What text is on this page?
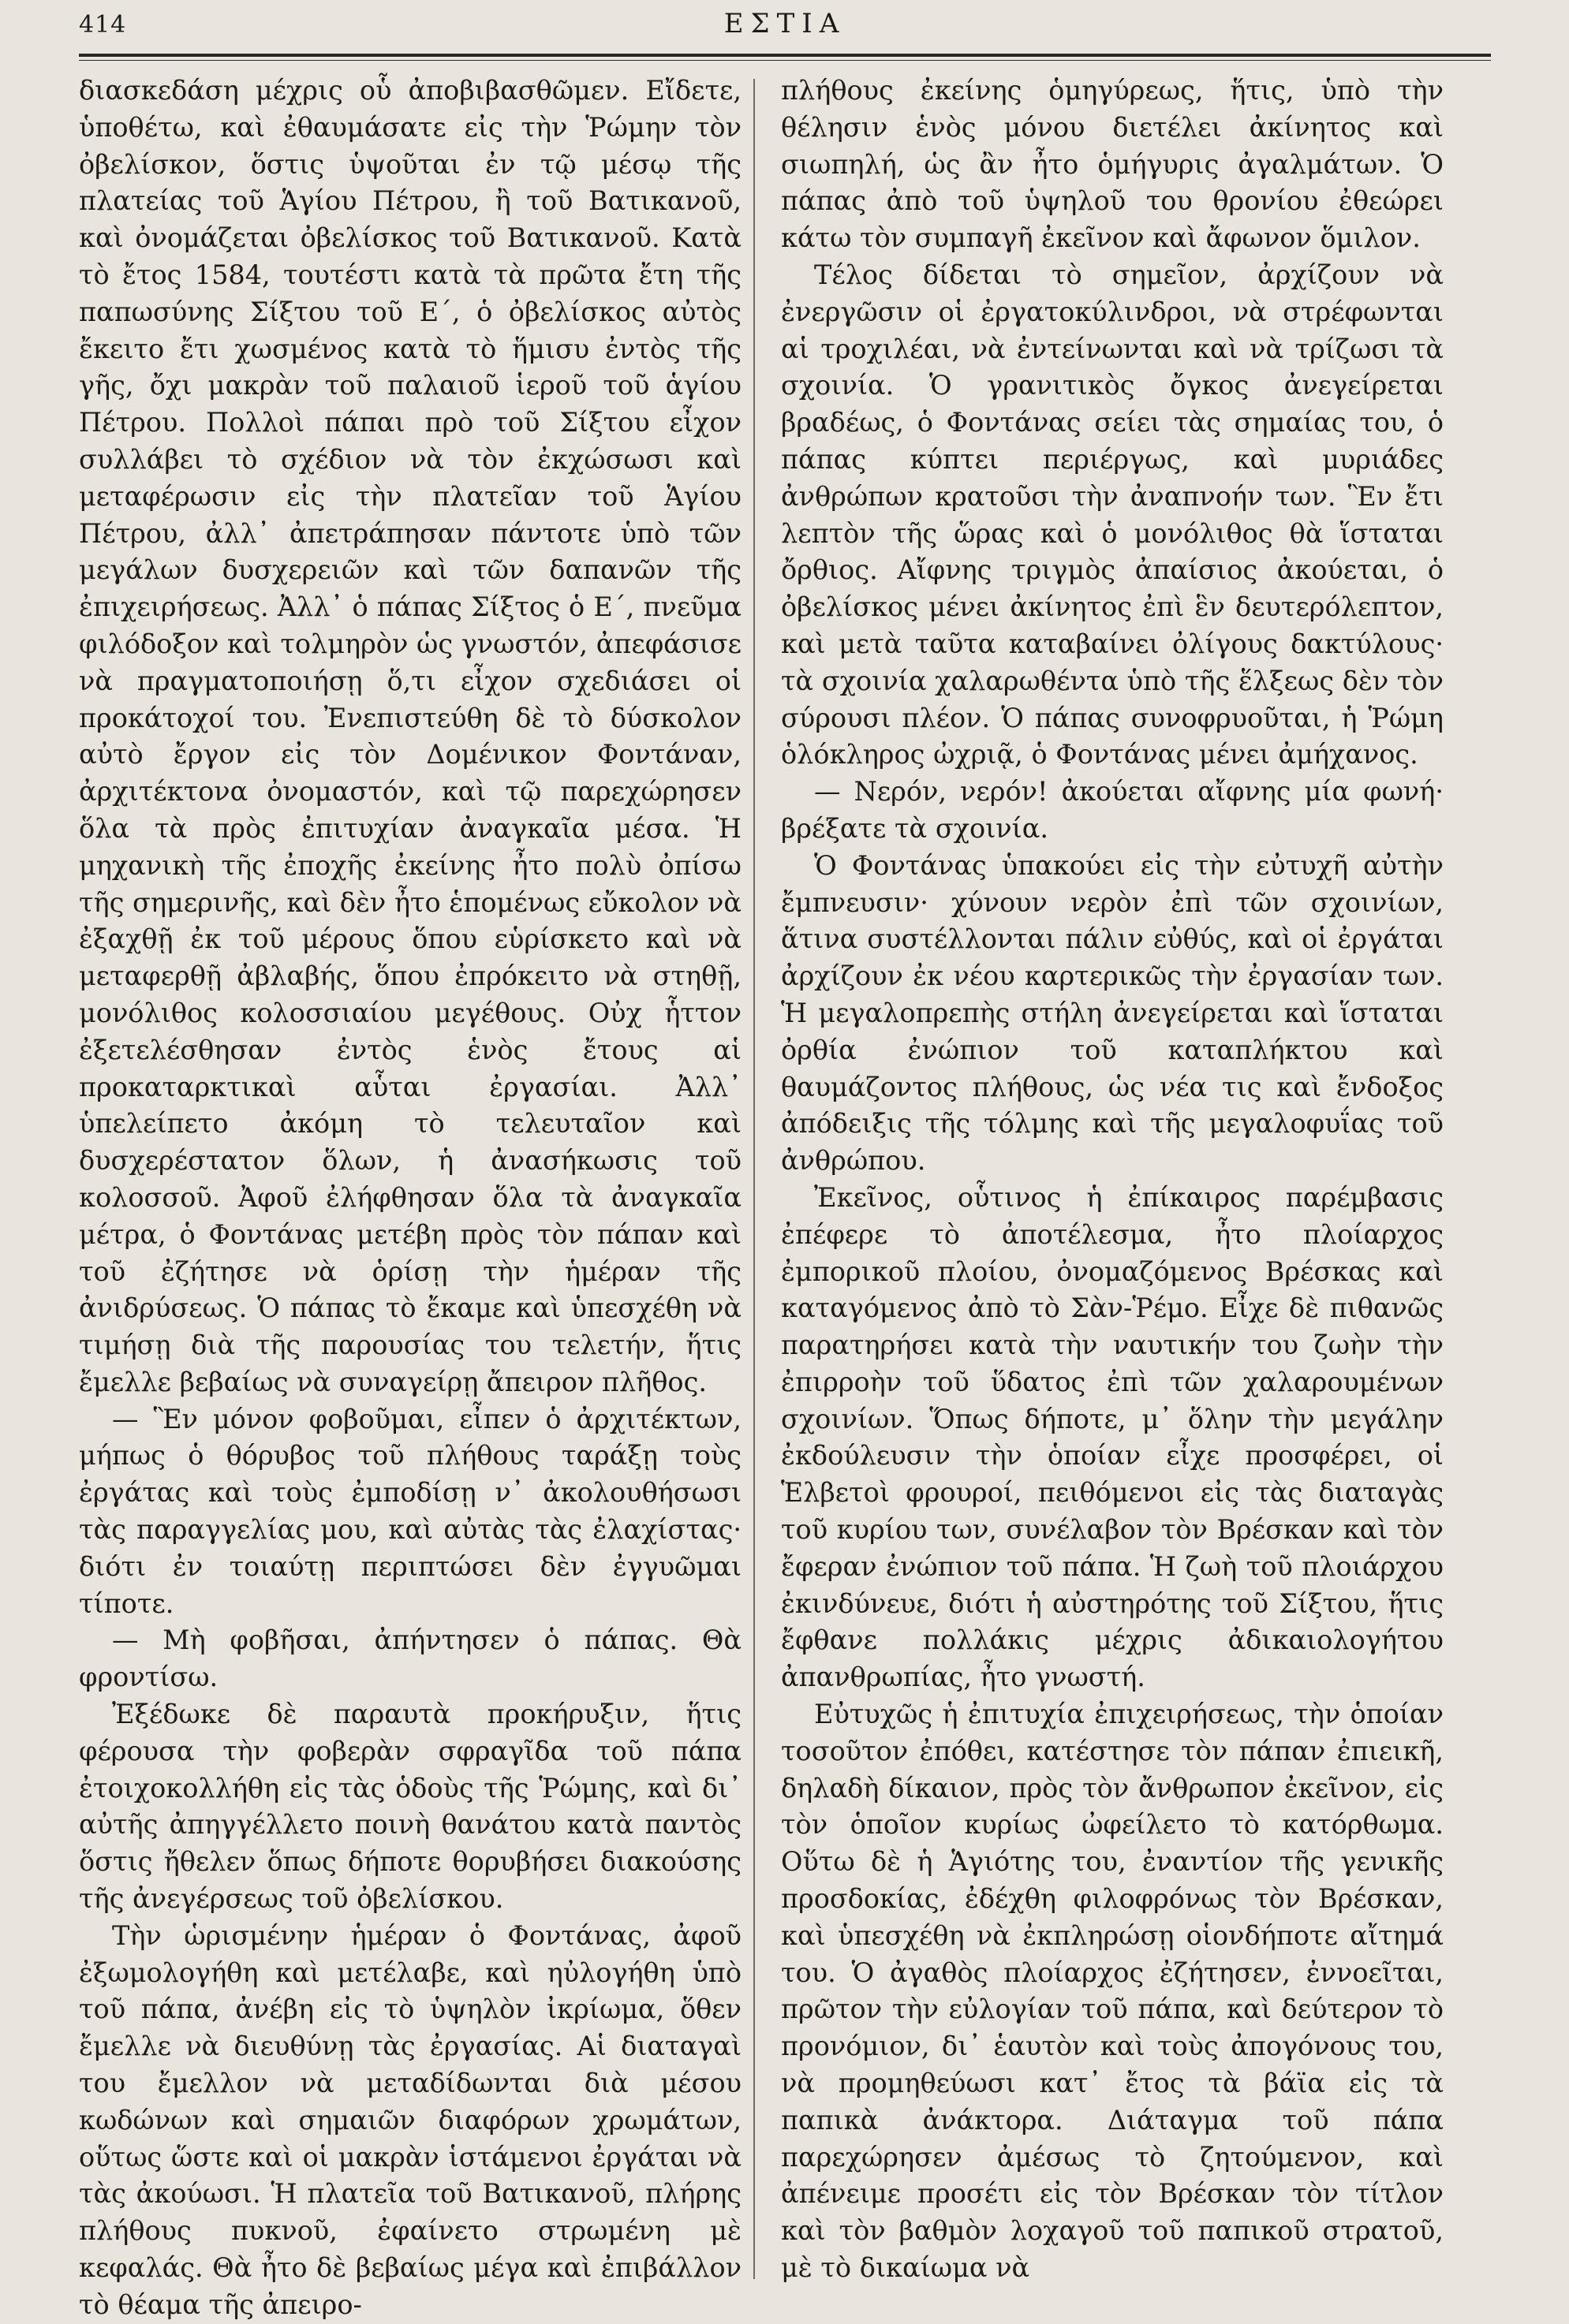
414	ΕΣΤΙΑ

διασκεδάση μέχρις οὗ ἀποβιβασθῶμεν. Εἴδετε, ὑποθέτω, καὶ ἐθαυμάσατε εἰς τὴν Ῥώμην τὸν ὀβελίσκον, ὅστις ὑψοῦται ἐν τῷ μέσῳ τῆς πλατείας τοῦ Ἁγίου Πέτρου, ἢ τοῦ Βατικανοῦ, καὶ ὀνομάζεται ὀβελίσκος τοῦ Βατικανοῦ. Κατὰ τὸ ἔτος 1584, τουτέστι κατὰ τὰ πρῶτα ἔτη τῆς παπωσύνης Σίξτου τοῦ Ε΄, ὁ ὀβελίσκος αὐτὸς ἔκειτο ἔτι χωσμένος κατὰ τὸ ἥμισυ ἐντὸς τῆς γῆς, ὄχι μακρὰν τοῦ παλαιοῦ ἱεροῦ τοῦ ἁγίου Πέτρου. Πολλοὶ πάπαι πρὸ τοῦ Σίξτου εἶχον συλλάβει τὸ σχέδιον νὰ τὸν ἐκχώσωσι καὶ μεταφέρωσιν εἰς τὴν πλατεῖαν τοῦ Ἁγίου Πέτρου, ἀλλ᾽ ἀπετράπησαν πάντοτε ὑπὸ τῶν μεγάλων δυσχερειῶν καὶ τῶν δαπανῶν τῆς ἐπιχειρήσεως. Ἀλλ᾽ ὁ πάπας Σίξτος ὁ Ε΄, πνεῦμα φιλόδοξον καὶ τολμηρὸν ὡς γνωστόν, ἀπεφάσισε νὰ πραγματοποιήσῃ ὅ,τι εἶχον σχεδιάσει οἱ προκάτοχοί του. Ἐνεπιστεύθη δὲ τὸ δύσκολον αὐτὸ ἔργον εἰς τὸν Δομένικον Φοντάναν, ἀρχιτέκτονα ὀνομαστόν, καὶ τῷ παρεχώρησεν ὅλα τὰ πρὸς ἐπιτυχίαν ἀναγκαῖα μέσα. Ἡ μηχανικὴ τῆς ἐποχῆς ἐκείνης ἦτο πολὺ ὀπίσω τῆς σημερινῆς, καὶ δὲν ἦτο ἑπομένως εὔκολον νὰ ἐξαχθῇ ἐκ τοῦ μέρους ὅπου εὑρίσκετο καὶ νὰ μεταφερθῇ ἀβλαβής, ὅπου ἐπρόκειτο νὰ στηθῇ, μονόλιθος κολοσσιαίου μεγέθους. Οὐχ ἧττον ἐξετελέσθησαν ἐντὸς ἑνὸς ἔτους αἱ προκαταρκτικαὶ αὗται ἐργασίαι. Ἀλλ᾽ ὑπελείπετο ἀκόμη τὸ τελευταῖον καὶ δυσχερέστατον ὅλων, ἡ ἀνασήκωσις τοῦ κολοσσοῦ. Ἀφοῦ ἐλήφθησαν ὅλα τὰ ἀναγκαῖα μέτρα, ὁ Φοντάνας μετέβη πρὸς τὸν πάπαν καὶ τοῦ ἐζήτησε νὰ ὁρίσῃ τὴν ἡμέραν τῆς ἀνιδρύσεως. Ὁ πάπας τὸ ἔκαμε καὶ ὑπεσχέθη νὰ τιμήσῃ διὰ τῆς παρουσίας του τελετήν, ἥτις ἔμελλε βεβαίως νὰ συναγείρῃ ἄπειρον πλῆθος.

— Ἓν μόνον φοβοῦμαι, εἶπεν ὁ ἀρχιτέκτων, μήπως ὁ θόρυβος τοῦ πλήθους ταράξῃ τοὺς ἐργάτας καὶ τοὺς ἐμποδίσῃ ν᾽ ἀκολουθήσωσι τὰς παραγγελίας μου, καὶ αὐτὰς τὰς ἐλαχίστας· διότι ἐν τοιαύτῃ περιπτώσει δὲν ἐγγυῶμαι τίποτε.

— Μὴ φοβῆσαι, ἀπήντησεν ὁ πάπας. Θὰ φροντίσω.

Ἐξέδωκε δὲ παραυτὰ προκήρυξιν, ἥτις φέρουσα τὴν φοβερὰν σφραγῖδα τοῦ πάπα ἐτοιχοκολλήθη εἰς τὰς ὁδοὺς τῆς Ῥώμης, καὶ δι᾽ αὐτῆς ἀπηγγέλλετο ποινὴ θανάτου κατὰ παντὸς ὅστις ἤθελεν ὅπως δήποτε θορυβήσει διακούσης τῆς ἀνεγέρσεως τοῦ ὀβελίσκου.

Τὴν ὡρισμένην ἡμέραν ὁ Φοντάνας, ἀφοῦ ἐξωμολογήθη καὶ μετέλαβε, καὶ ηὐλογήθη ὑπὸ τοῦ πάπα, ἀνέβη εἰς τὸ ὑψηλὸν ἰκρίωμα, ὅθεν ἔμελλε νὰ διευθύνῃ τὰς ἐργασίας. Αἱ διαταγαὶ του ἔμελλον νὰ μεταδίδωνται διὰ μέσου κωδώνων καὶ σημαιῶν διαφόρων χρωμάτων, οὕτως ὥστε καὶ οἱ μακρὰν ἱστάμενοι ἐργάται νὰ τὰς ἀκούωσι. Ἡ πλατεῖα τοῦ Βατικανοῦ, πλήρης πλήθους πυκνοῦ, ἐφαίνετο στρωμένη μὲ κεφαλάς. Θὰ ἦτο δὲ βεβαίως μέγα καὶ ἐπιβάλλον τὸ θέαμα τῆς ἀπειρο-

πλήθους ἐκείνης ὁμηγύρεως, ἥτις, ὑπὸ τὴν θέλησιν ἑνὸς μόνου διετέλει ἀκίνητος καὶ σιωπηλή, ὡς ἂν ἦτο ὁμήγυρις ἀγαλμάτων. Ὁ πάπας ἀπὸ τοῦ ὑψηλοῦ του θρονίου ἐθεώρει κάτω τὸν συμπαγῆ ἐκεῖνον καὶ ἄφωνον ὅμιλον.

Τέλος δίδεται τὸ σημεῖον, ἀρχίζουν νὰ ἐνεργῶσιν οἱ ἐργατοκύλινδροι, νὰ στρέφωνται αἱ τροχιλέαι, νὰ ἐντείνωνται καὶ νὰ τρίζωσι τὰ σχοινία. Ὁ γρανιτικὸς ὄγκος ἀνεγείρεται βραδέως, ὁ Φοντάνας σείει τὰς σημαίας του, ὁ πάπας κύπτει περιέργως, καὶ μυριάδες ἀνθρώπων κρατοῦσι τὴν ἀναπνοήν των. Ἓν ἔτι λεπτὸν τῆς ὥρας καὶ ὁ μονόλιθος θὰ ἵσταται ὄρθιος. Αἴφνης τριγμὸς ἀπαίσιος ἀκούεται, ὁ ὀβελίσκος μένει ἀκίνητος ἐπὶ ἓν δευτερόλεπτον, καὶ μετὰ ταῦτα καταβαίνει ὀλίγους δακτύλους· τὰ σχοινία χαλαρωθέντα ὑπὸ τῆς ἕλξεως δὲν τὸν σύρουσι πλέον. Ὁ πάπας συνοφρυοῦται, ἡ Ῥώμη ὁλόκληρος ὠχριᾷ, ὁ Φοντάνας μένει ἀμήχανος.

— Νερόν, νερόν! ἀκούεται αἴφνης μία φωνή· βρέξατε τὰ σχοινία.

Ὁ Φοντάνας ὑπακούει εἰς τὴν εὐτυχῆ αὐτὴν ἔμπνευσιν· χύνουν νερὸν ἐπὶ τῶν σχοινίων, ἅτινα συστέλλονται πάλιν εὐθύς, καὶ οἱ ἐργάται ἀρχίζουν ἐκ νέου καρτερικῶς τὴν ἐργασίαν των. Ἡ μεγαλοπρεπὴς στήλη ἀνεγείρεται καὶ ἵσταται ὀρθία ἐνώπιον τοῦ καταπλήκτου καὶ θαυμάζοντος πλήθους, ὡς νέα τις καὶ ἔνδοξος ἀπόδειξις τῆς τόλμης καὶ τῆς μεγαλοφυΐας τοῦ ἀνθρώπου.

Ἐκεῖνος, οὗτινος ἡ ἐπίκαιρος παρέμβασις ἐπέφερε τὸ ἀποτέλεσμα, ἦτο πλοίαρχος ἐμπορικοῦ πλοίου, ὀνομαζόμενος Βρέσκας καὶ καταγόμενος ἀπὸ τὸ Σὰν-Ῥέμο. Εἶχε δὲ πιθανῶς παρατηρήσει κατὰ τὴν ναυτικήν του ζωὴν τὴν ἐπιρροὴν τοῦ ὕδατος ἐπὶ τῶν χαλαρουμένων σχοινίων. Ὅπως δήποτε, μ᾽ ὅλην τὴν μεγάλην ἐκδούλευσιν τὴν ὁποίαν εἶχε προσφέρει, οἱ Ἑλβετοὶ φρουροί, πειθόμενοι εἰς τὰς διαταγὰς τοῦ κυρίου των, συνέλαβον τὸν Βρέσκαν καὶ τὸν ἔφεραν ἐνώπιον τοῦ πάπα. Ἡ ζωὴ τοῦ πλοιάρχου ἐκινδύνευε, διότι ἡ αὐστηρότης τοῦ Σίξτου, ἥτις ἔφθανε πολλάκις μέχρις ἀδικαιολογήτου ἀπανθρωπίας, ἦτο γνωστή.

Εὐτυχῶς ἡ ἐπιτυχία ἐπιχειρήσεως, τὴν ὁποίαν τοσοῦτον ἐπόθει, κατέστησε τὸν πάπαν ἐπιεικῆ, δηλαδὴ δίκαιον, πρὸς τὸν ἄνθρωπον ἐκεῖνον, εἰς τὸν ὁποῖον κυρίως ὠφείλετο τὸ κατόρθωμα. Οὕτω δὲ ἡ Ἁγιότης του, ἐναντίον τῆς γενικῆς προσδοκίας, ἐδέχθη φιλοφρόνως τὸν Βρέσκαν, καὶ ὑπεσχέθη νὰ ἐκπληρώσῃ οἱονδήποτε αἴτημά του. Ὁ ἀγαθὸς πλοίαρχος ἐζήτησεν, ἐννοεῖται, πρῶτον τὴν εὐλογίαν τοῦ πάπα, καὶ δεύτερον τὸ προνόμιον, δι᾽ ἑαυτὸν καὶ τοὺς ἀπογόνους του, νὰ προμηθεύωσι κατ᾽ ἔτος τὰ βάϊα εἰς τὰ παπικὰ ἀνάκτορα. Διάταγμα τοῦ πάπα παρεχώρησεν ἀμέσως τὸ ζητούμενον, καὶ ἀπένειμε προσέτι εἰς τὸν Βρέσκαν τὸν τίτλον καὶ τὸν βαθμὸν λοχαγοῦ τοῦ παπικοῦ στρατοῦ, μὲ τὸ δικαίωμα νὰ
